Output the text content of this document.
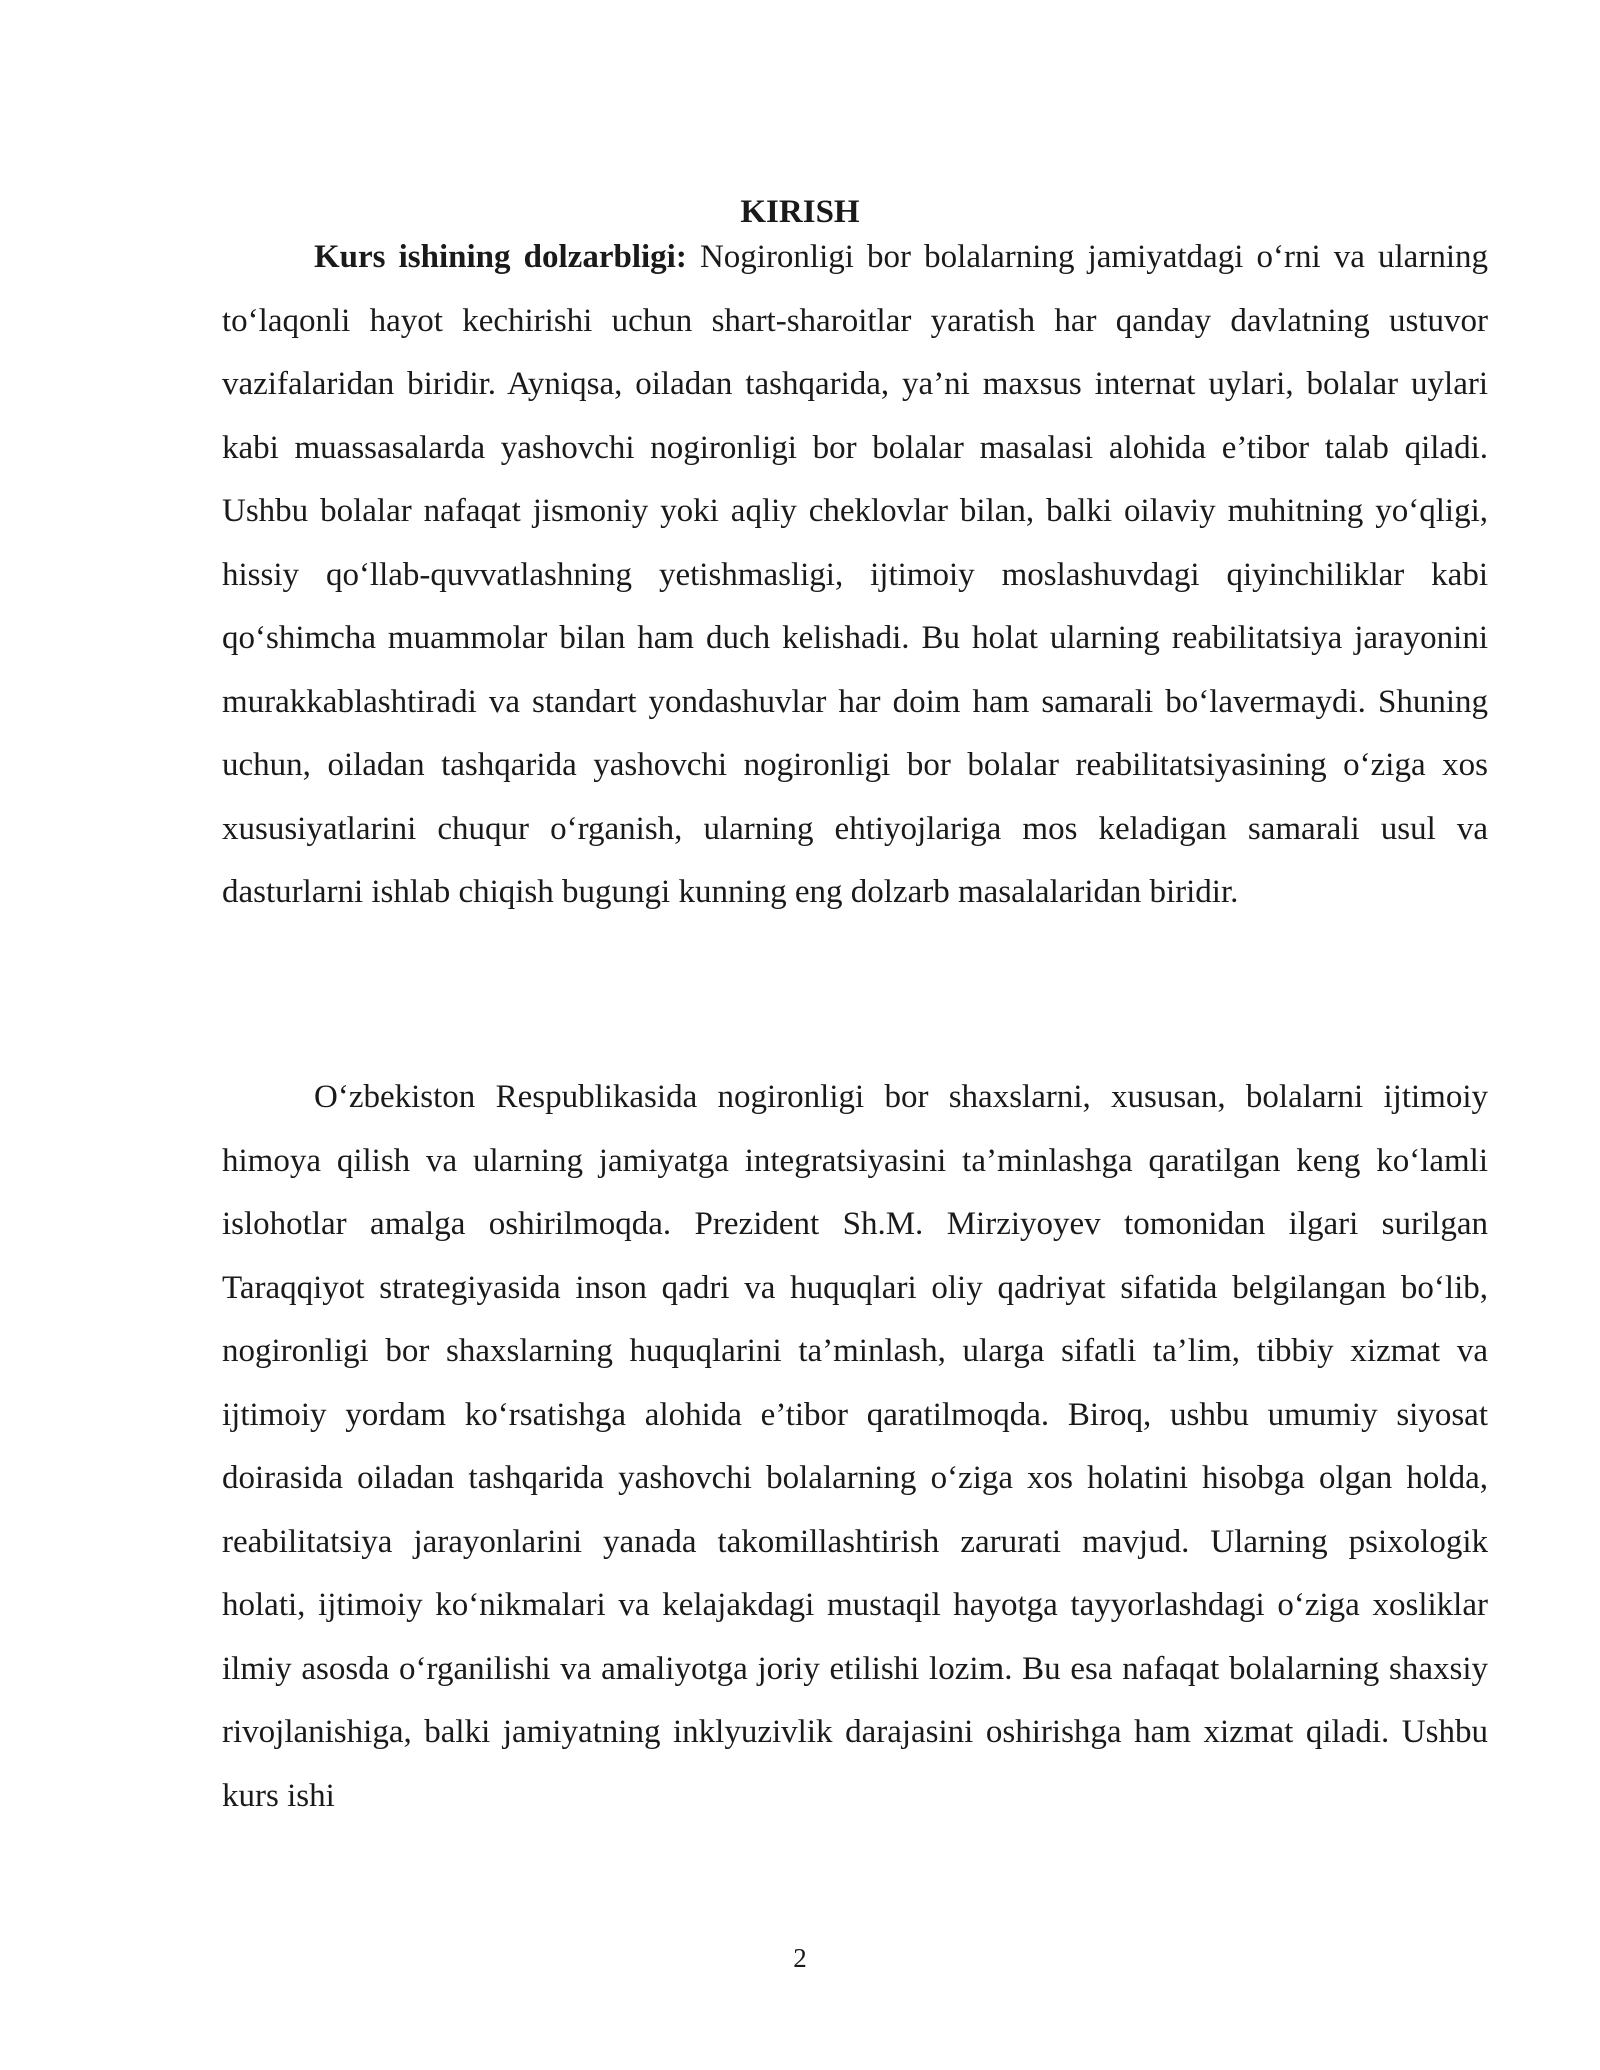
KIRISH

Kurs ishining dolzarbligi: Nogironligi bor bolalarning jamiyatdagi o‘rni va ularning to‘laqonli hayot kechirishi uchun shart-sharoitlar yaratish har qanday davlatning ustuvor vazifalaridan biridir. Ayniqsa, oiladan tashqarida, ya’ni maxsus internat uylari, bolalar uylari kabi muassasalarda yashovchi nogironligi bor bolalar masalasi alohida e’tibor talab qiladi. Ushbu bolalar nafaqat jismoniy yoki aqliy cheklovlar bilan, balki oilaviy muhitning yo‘qligi, hissiy qo‘llab-quvvatlashning yetishmasligi, ijtimoiy moslashuvdagi qiyinchiliklar kabi qo‘shimcha muammolar bilan ham duch kelishadi. Bu holat ularning reabilitatsiya jarayonini murakkablashtiradi va standart yondashuvlar har doim ham samarali bo‘lavermaydi. Shuning uchun, oiladan tashqarida yashovchi nogironligi bor bolalar reabilitatsiyasining o‘ziga xos xususiyatlarini chuqur o‘rganish, ularning ehtiyojlariga mos keladigan samarali usul va dasturlarni ishlab chiqish bugungi kunning eng dolzarb masalalaridan biridir.

O‘zbekiston Respublikasida nogironligi bor shaxslarni, xususan, bolalarni ijtimoiy himoya qilish va ularning jamiyatga integratsiyasini ta’minlashga qaratilgan keng ko‘lamli islohotlar amalga oshirilmoqda. Prezident Sh.M. Mirziyoyev tomonidan ilgari surilgan Taraqqiyot strategiyasida inson qadri va huquqlari oliy qadriyat sifatida belgilangan bo‘lib, nogironligi bor shaxslarning huquqlarini ta’minlash, ularga sifatli ta’lim, tibbiy xizmat va ijtimoiy yordam ko‘rsatishga alohida e’tibor qaratilmoqda. Biroq, ushbu umumiy siyosat doirasida oiladan tashqarida yashovchi bolalarning o‘ziga xos holatini hisobga olgan holda, reabilitatsiya jarayonlarini yanada takomillashtirish zarurati mavjud. Ularning psixologik holati, ijtimoiy ko‘nikmalari va kelajakdagi mustaqil hayotga tayyorlashdagi o‘ziga xosliklar ilmiy asosda o‘rganilishi va amaliyotga joriy etilishi lozim. Bu esa nafaqat bolalarning shaxsiy rivojlanishiga, balki jamiyatning inklyuzivlik darajasini oshirishga ham xizmat qiladi. Ushbu kurs ishi

2
